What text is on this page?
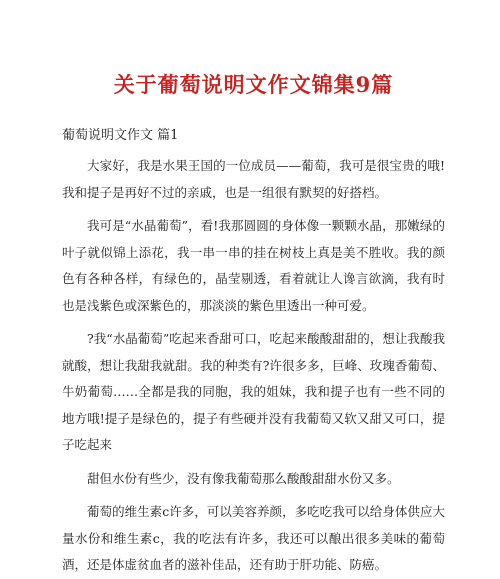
关于葡萄说明文作文锦集9篇
葡萄说明文作文 篇1

大家好，我是水果王国的一位成员——葡萄，我可是很宝贵的哦!我和提子是再好不过的亲戚，也是一组很有默契的好搭档。

我可是“水晶葡萄”，看!我那圆圆的身体像一颗颗水晶，那嫩绿的叶子就似锦上添花，我一串一串的挂在树枝上真是美不胜收。我的颜色有各种各样，有绿色的，晶莹剔透，看着就让人谗言欲滴，我有时也是浅紫色或深紫色的，那淡淡的紫色里透出一种可爱。

?我“水晶葡萄”吃起来香甜可口，吃起来酸酸甜甜的，想让我酸我就酸，想让我甜我就甜。我的种类有?许很多多，巨峰、玫瑰香葡萄、牛奶葡萄……全都是我的同胞，我的姐妹，我和提子也有一些不同的地方哦!提子是绿色的，提子有些硬并没有我葡萄又软又甜又可口，提子吃起来

甜但水份有些少，没有像我葡萄那么酸酸甜甜水份又多。

葡萄的维生素c许多，可以美容养颜，多吃吃我可以给身体供应大量水份和维生素c，我的吃法有许多，我还可以酿出很多美味的葡萄酒，还是体虚贫血者的滋补佳品，还有助于肝功能、防癌。
